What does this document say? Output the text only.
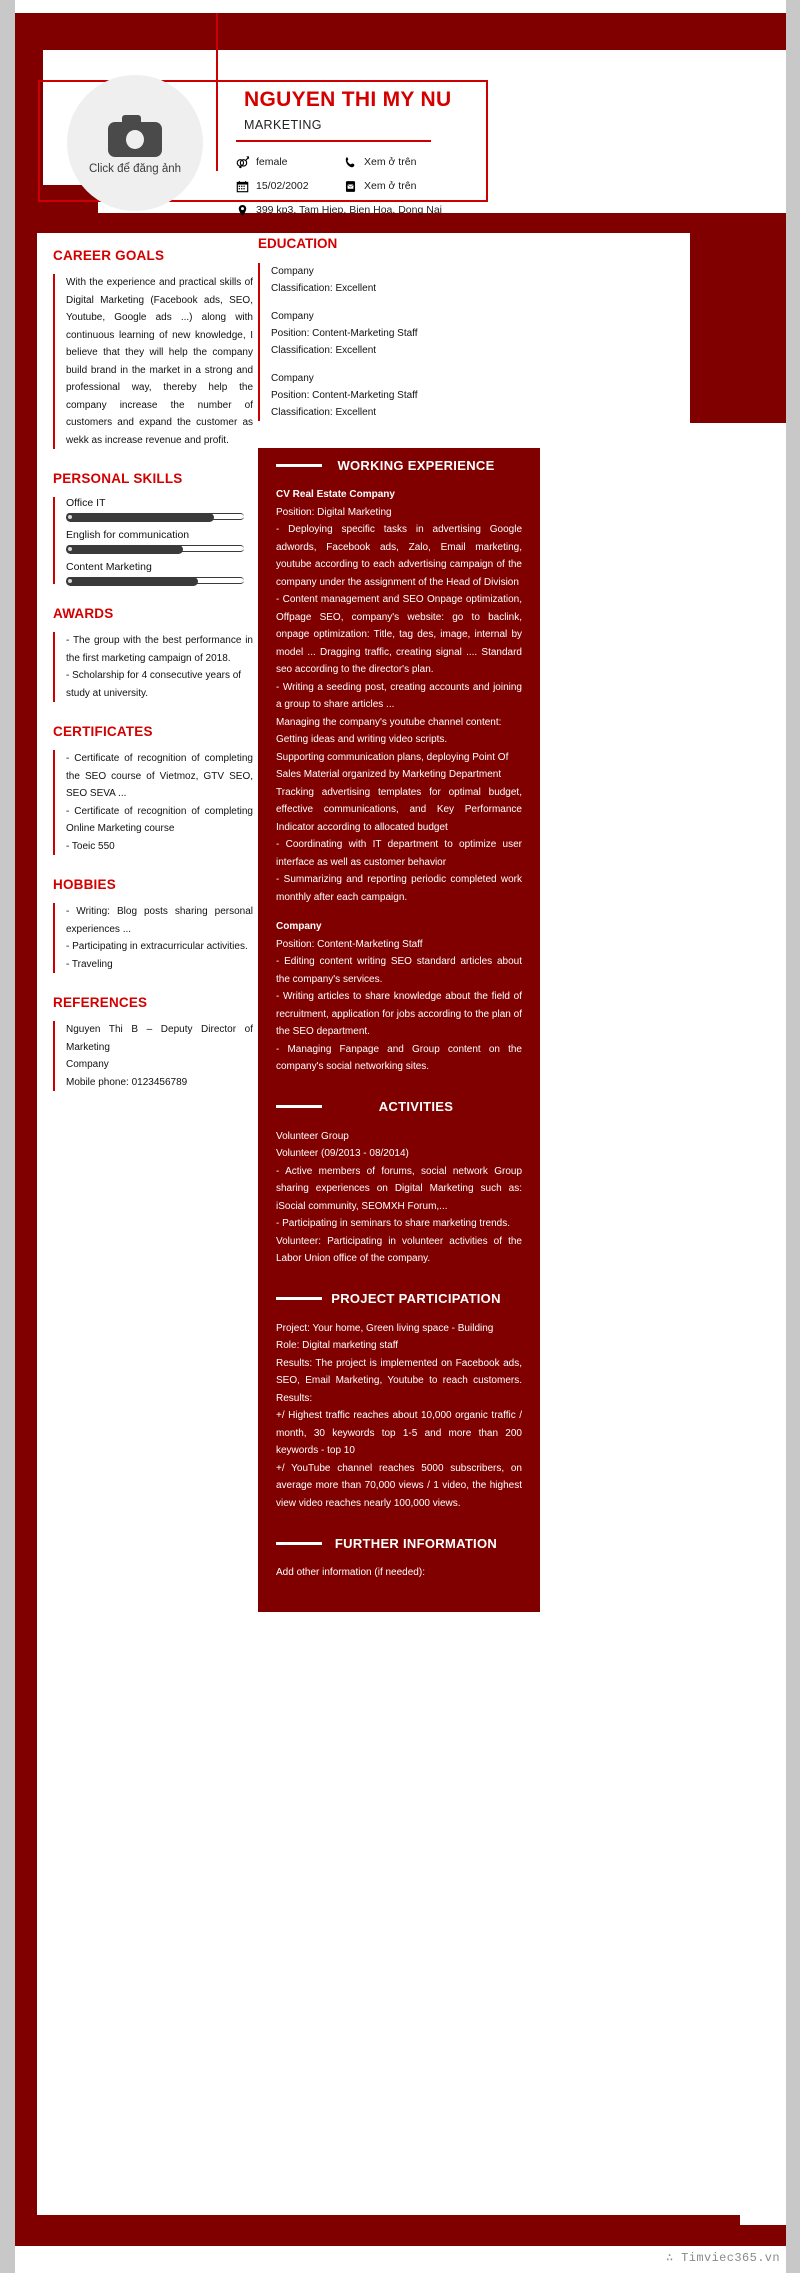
Click để đăng ảnh
NGUYEN THI MY NU
MARKETING
female	Xem ở trên
15/02/2002	Xem ở trên
399 kp3, Tam Hiep, Bien Hoa, Dong Nai
CAREER GOALS

With the experience and practical skills of Digital Marketing (Facebook ads, SEO, Youtube, Google ads ...) along with continuous learning of new knowledge, I believe that they will help the company build brand in the market in a strong and professional way, thereby help the company increase the number of customers and expand the customer as wekk as increase revenue and profit.

PERSONAL SKILLS
Office IT
English for communication
Content Marketing
AWARDS

- The group with the best performance in the first marketing campaign of 2018.

- Scholarship for 4 consecutive years of study at university.

CERTIFICATES

- Certificate of recognition of completing the SEO course of Vietmoz, GTV SEO, SEO SEVA ...

- Certificate of recognition of completing Online Marketing course

- Toeic 550

HOBBIES

- Writing: Blog posts sharing personal experiences ...

- Participating in extracurricular activities.

- Traveling

REFERENCES

Nguyen Thi B – Deputy Director of Marketing

Company

Mobile phone: 0123456789

EDUCATION
Company
Classification: Excellent
Company
Position: Content-Marketing Staff
Classification: Excellent
Company
Position: Content-Marketing Staff
Classification: Excellent
WORKING EXPERIENCE

CV Real Estate Company

Position: Digital Marketing

- Deploying specific tasks in advertising Google adwords, Facebook ads, Zalo, Email marketing, youtube according to each advertising campaign of the company under the assignment of the Head of Division

- Content management and SEO Onpage optimization, Offpage SEO, company's website: go to baclink, onpage optimization: Title, tag des, image, internal by model ... Dragging traffic, creating signal .... Standard seo according to the director's plan.

- Writing a seeding post, creating accounts and joining a group to share articles ...

Managing the company's youtube channel content: Getting ideas and writing video scripts.

Supporting communication plans, deploying Point Of Sales Material organized by Marketing Department

Tracking advertising templates for optimal budget, effective communications, and Key Performance Indicator according to allocated budget

- Coordinating with IT department to optimize user interface as well as customer behavior

- Summarizing and reporting periodic completed work monthly after each campaign.

Company

Position: Content-Marketing Staff

- Editing content writing SEO standard articles about the company's services.

- Writing articles to share knowledge about the field of recruitment, application for jobs according to the plan of the SEO department.

- Managing Fanpage and Group content on the company's social networking sites.

ACTIVITIES

Volunteer Group

Volunteer (09/2013 - 08/2014)

- Active members of forums, social network Group sharing experiences on Digital Marketing such as: iSocial community, SEOMXH Forum,...

- Participating in seminars to share marketing trends.

Volunteer: Participating in volunteer activities of the Labor Union office of the company.

PROJECT PARTICIPATION

Project: Your home, Green living space - Building

Role: Digital marketing staff

Results: The project is implemented on Facebook ads, SEO, Email Marketing, Youtube to reach customers. Results:

+/ Highest traffic reaches about 10,000 organic traffic / month, 30 keywords top 1-5 and more than 200 keywords - top 10

+/ YouTube channel reaches 5000 subscribers, on average more than 70,000 views / 1 video, the highest view video reaches nearly 100,000 views.

FURTHER INFORMATION

Add other information (if needed):

∴ Timviec365.vn
